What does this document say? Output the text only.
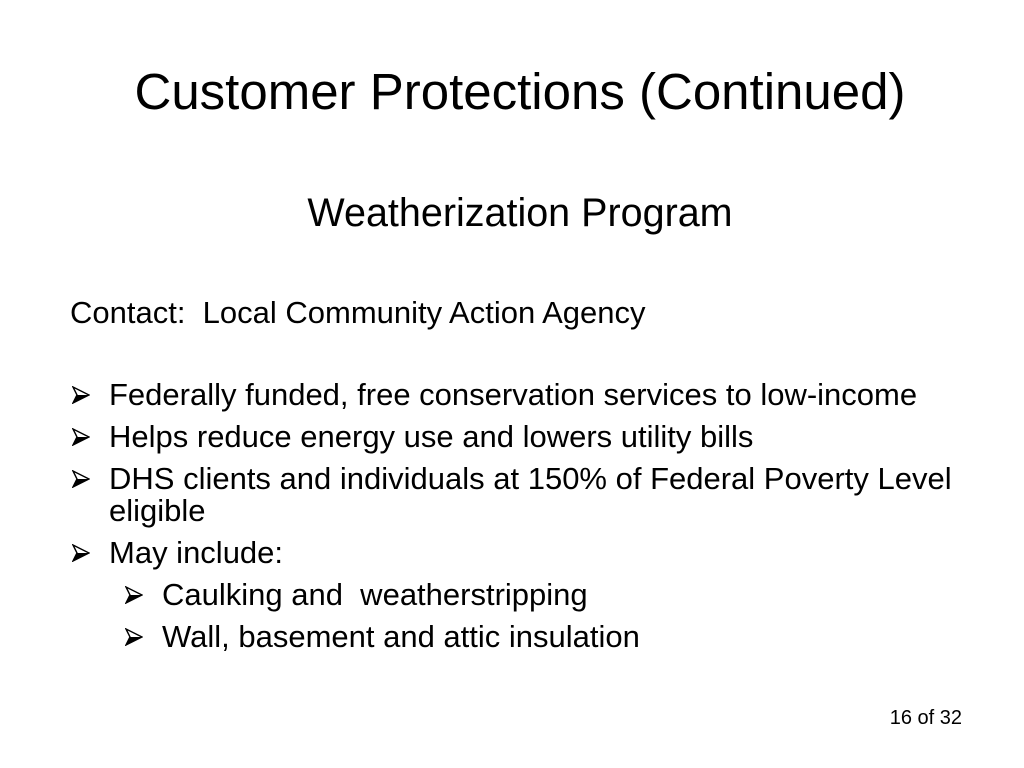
Customer Protections (Continued)
Weatherization Program

Contact:  Local Community Action Agency

Federally funded, free conservation services to low-income
Helps reduce energy use and lowers utility bills
DHS clients and individuals at 150% of Federal Poverty Level eligible
May include:
Caulking and  weatherstripping
Wall, basement and attic insulation
16 of 32
